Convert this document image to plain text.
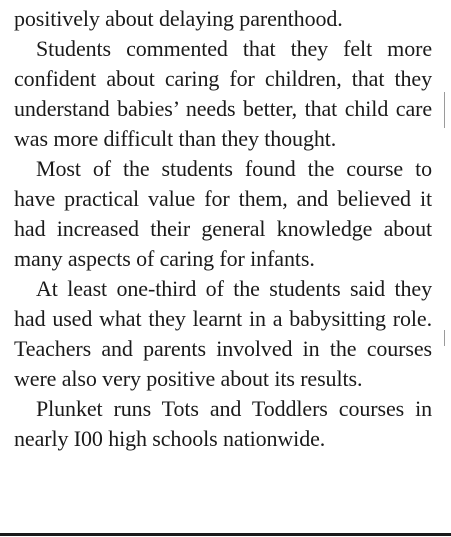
positively about delaying parenthood.

Students commented that they felt more confident about caring for children, that they understand babies’ needs better, that child care was more difficult than they thought.

Most of the students found the course to have practical value for them, and believed it had increased their general knowledge about many aspects of caring for infants.

At least one-third of the students said they had used what they learnt in a babysitting role. Teachers and parents involved in the courses were also very positive about its results.

Plunket runs Tots and Toddlers courses in nearly I00 high schools nationwide.
